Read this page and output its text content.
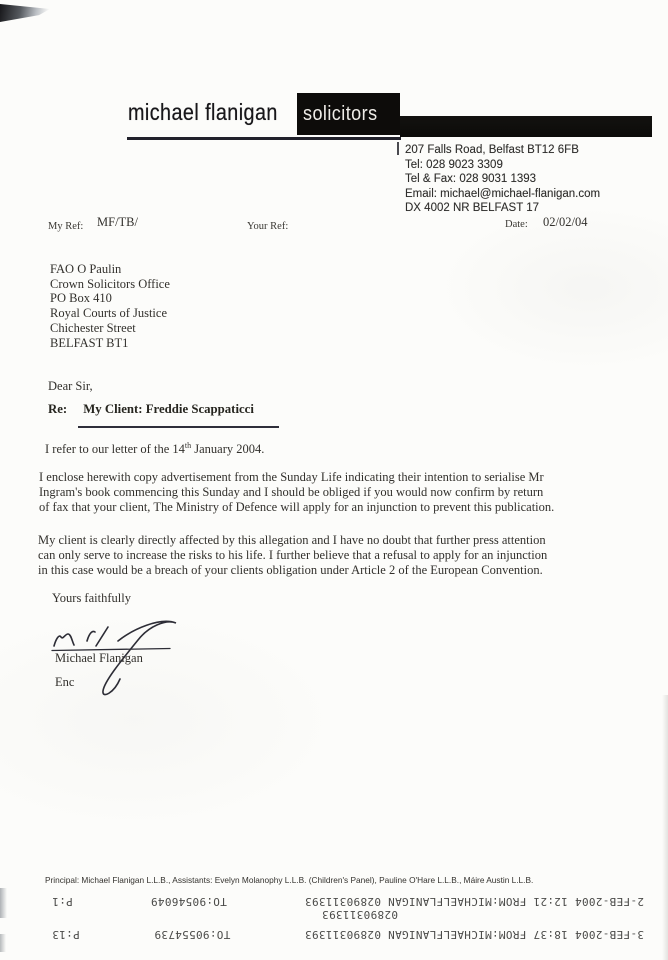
michael flanigan solicitors
207 Falls Road, Belfast BT12 6FB
Tel: 028 9023 3309
Tel & Fax: 028 9031 1393
Email: michael@michael-flanigan.com
DX 4002 NR BELFAST 17
My Ref: MF/TB/	Your Ref:	Date: 02/02/04
FAO O Paulin
Crown Solicitors Office
PO Box 410
Royal Courts of Justice
Chichester Street
BELFAST BT1
Dear Sir,
Re: My Client: Freddie Scappaticci
I refer to our letter of the 14th January 2004.
I enclose herewith copy advertisement from the Sunday Life indicating their intention to serialise Mr
Ingram's book commencing this Sunday and I should be obliged if you would now confirm by return
of fax that your client, The Ministry of Defence will apply for an injunction to prevent this publication.
My client is clearly directly affected by this allegation and I have no doubt that further press attention
can only serve to increase the risks to his life. I further believe that a refusal to apply for an injunction
in this case would be a breach of your clients obligation under Article 2 of the European Convention.
Yours faithfully
Michael Flanigan
Enc
Principal: Michael Flanigan L.L.B., Assistants: Evelyn Molanophy L.L.B. (Children's Panel), Pauline O'Hare L.L.B., Máire Austin L.L.B.
2-FEB-2004 12:21 FROM:MICHAELFLANIGAN 02890311393
TO:90546049
P:1
02890311393
3-FEB-2004 18:37 FROM:MICHAELFLANIGAN 02890311393
TO:90554739
P:13
